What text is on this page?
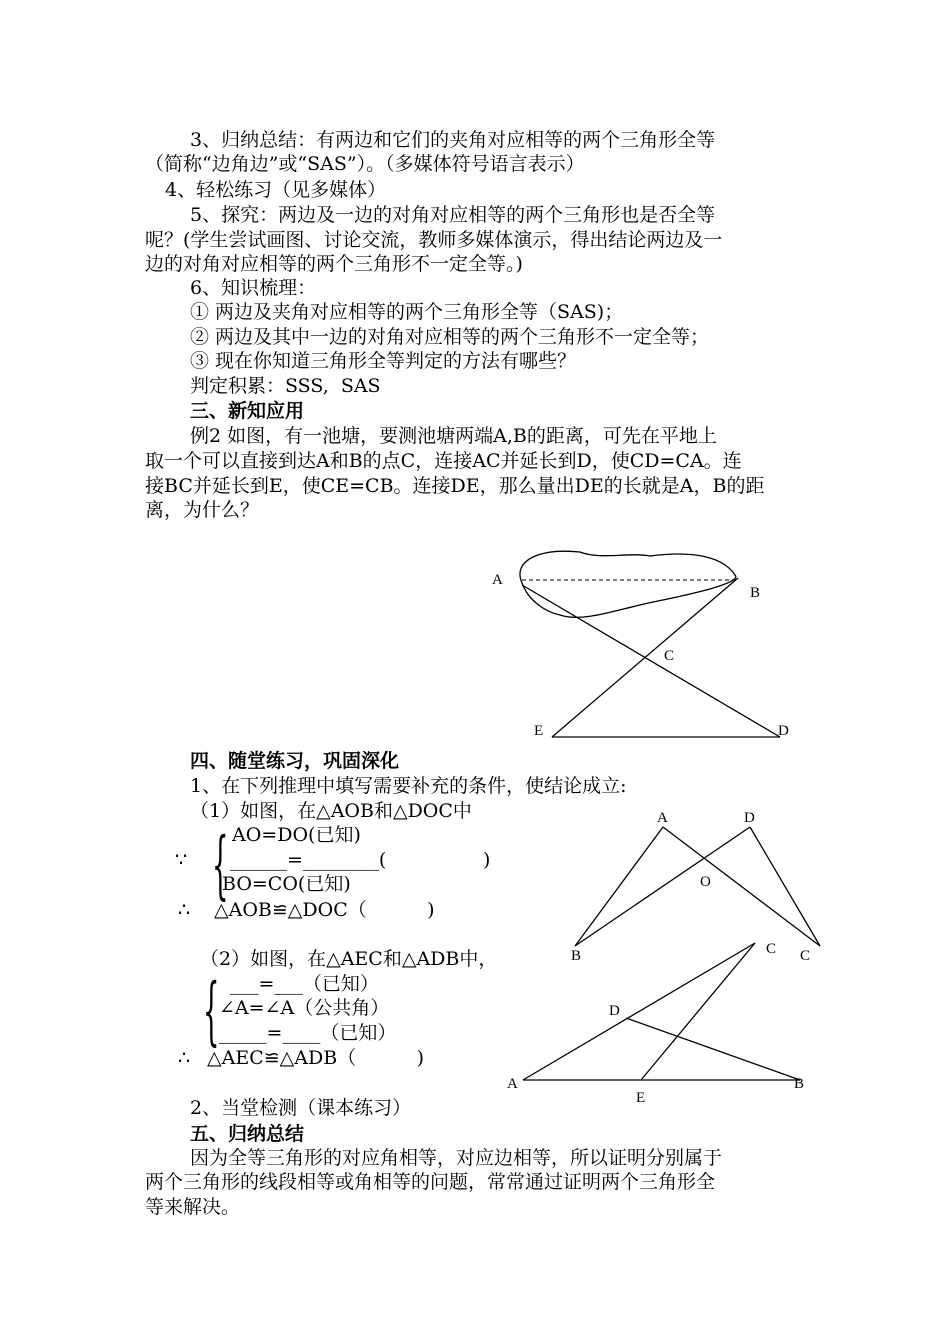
3、归纳总结：有两边和它们的夹角对应相等的两个三角形全等
（简称“边角边”或“SAS”）。（多媒体符号语言表示）
4、轻松练习（见多媒体）
5、探究：两边及一边的对角对应相等的两个三角形也是否全等
呢？(学生尝试画图、讨论交流，教师多媒体演示，得出结论两边及一
边的对角对应相等的两个三角形不一定全等。)
6、知识梳理：
① 两边及夹角对应相等的两个三角形全等（SAS)；
② 两边及其中一边的对角对应相等的两个三角形不一定全等；
③ 现在你知道三角形全等判定的方法有哪些？
判定积累：SSS,  SAS
三、新知应用
例2 如图，有一池塘，要测池塘两端A,B的距离，可先在平地上
取一个可以直接到达A和B的点C，连接AC并延长到D，使CD=CA。连
接BC并延长到E，使CE=CB。连接DE，那么量出DE的长就是A，B的距
离，为什么？
A
B
C
E	D
四、随堂练习，巩固深化
1、在下列推理中填写需要补充的条件，使结论成立:
（1）如图，在△AOB和△DOC中
AO=DO(已知)
∵ { ______=________(                )
BO=CO(已知)
∴ △AOB≌△DOC（          )
（2）如图，在△AEC和△ADB中，
___=___（已知）
{ ∠A=∠A（公共角）
_____=____（已知）
∴ △AEC≌△ADB（          )
2、当堂检测（课本练习）
A	D
O
B	C
C
D
A
E
B
五、归纳总结
因为全等三角形的对应角相等，对应边相等，所以证明分别属于
两个三角形的线段相等或角相等的问题，常常通过证明两个三角形全
等来解决。
